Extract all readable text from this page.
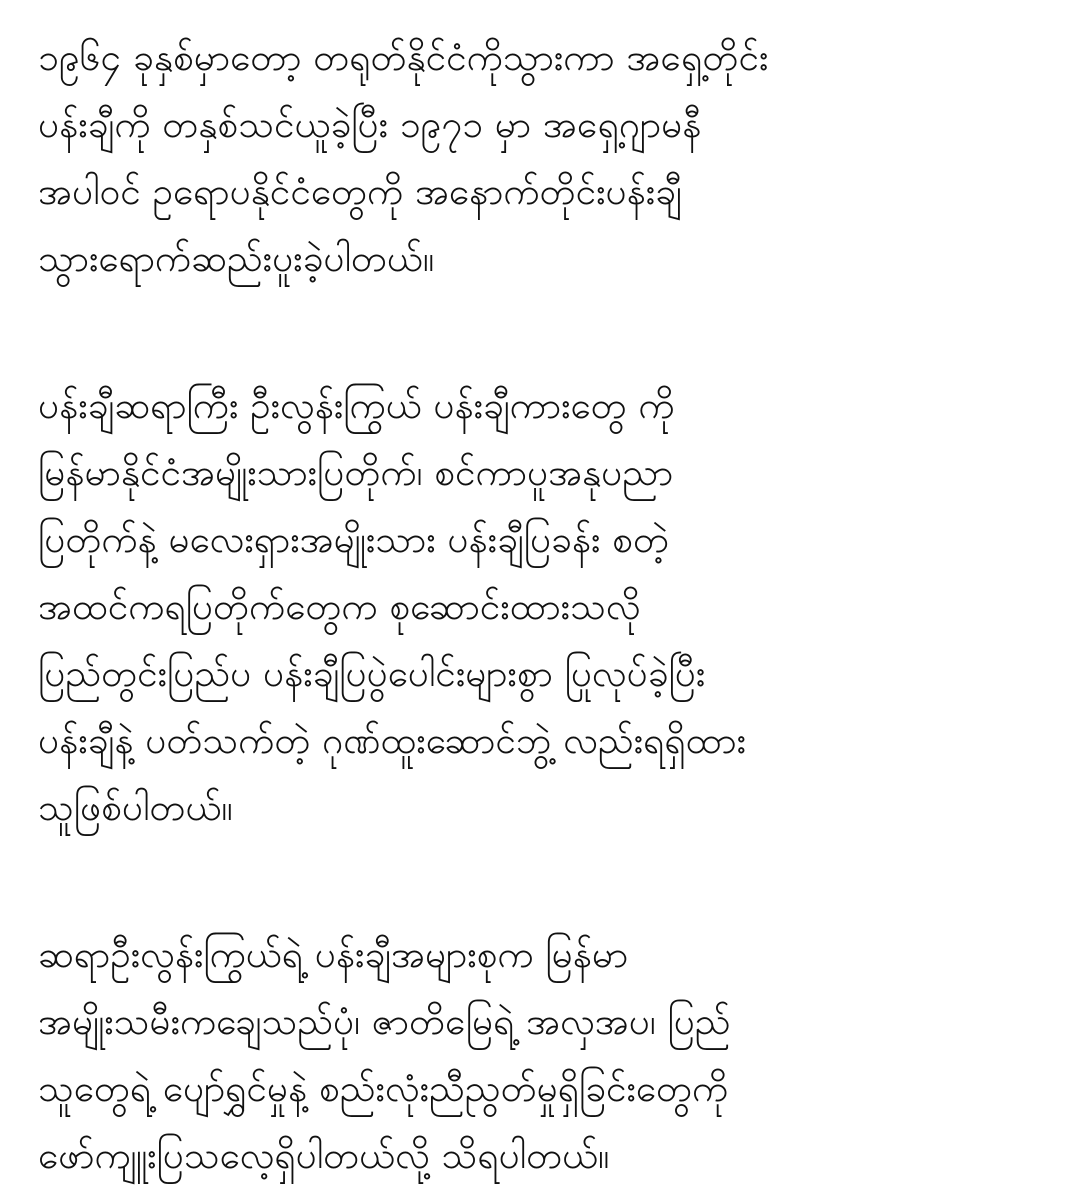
၁၉၆၄ ခုနှစ်မှာတော့ တရုတ်နိုင်ငံကိုသွားကာ အရှေ့တိုင်း
ပန်းချီကို တနှစ်သင်ယူခဲ့ပြီး ၁၉၇၁ မှာ အရှေ့ဂျာမနီ
အပါဝင် ဥရောပနိုင်ငံတွေကို အနောက်တိုင်းပန်းချီ
သွားရောက်ဆည်းပူးခဲ့ပါတယ်။
ပန်းချီဆရာကြီး ဦးလွန်းကြွယ် ပန်းချီကားတွေ ကို
မြန်မာနိုင်ငံအမျိုးသားပြတိုက်၊ စင်ကာပူအနုပညာ
ပြတိုက်နဲ့ မလေးရှားအမျိုးသား ပန်းချီပြခန်း စတဲ့
အထင်ကရပြတိုက်တွေက စုဆောင်းထားသလို
ပြည်တွင်းပြည်ပ ပန်းချီပြပွဲပေါင်းများစွာ ပြုလုပ်ခဲ့ပြီး
ပန်းချီနဲ့ ပတ်သက်တဲ့ ဂုဏ်ထူးဆောင်ဘွဲ့ လည်းရရှိထား
သူဖြစ်ပါတယ်။
ဆရာဦးလွန်းကြွယ်ရဲ့ ပန်းချီအများစုက မြန်မာ
အမျိုးသမီးကချေသည်ပုံ၊ ဇာတိမြေရဲ့ အလှအပ၊ ပြည်
သူတွေရဲ့ ပျော်ရွှင်မှုနဲ့ စည်းလုံးညီညွတ်မှုရှိခြင်းတွေကို
ဖော်ကျူးပြသလေ့ရှိပါတယ်လို့ သိရပါတယ်။
